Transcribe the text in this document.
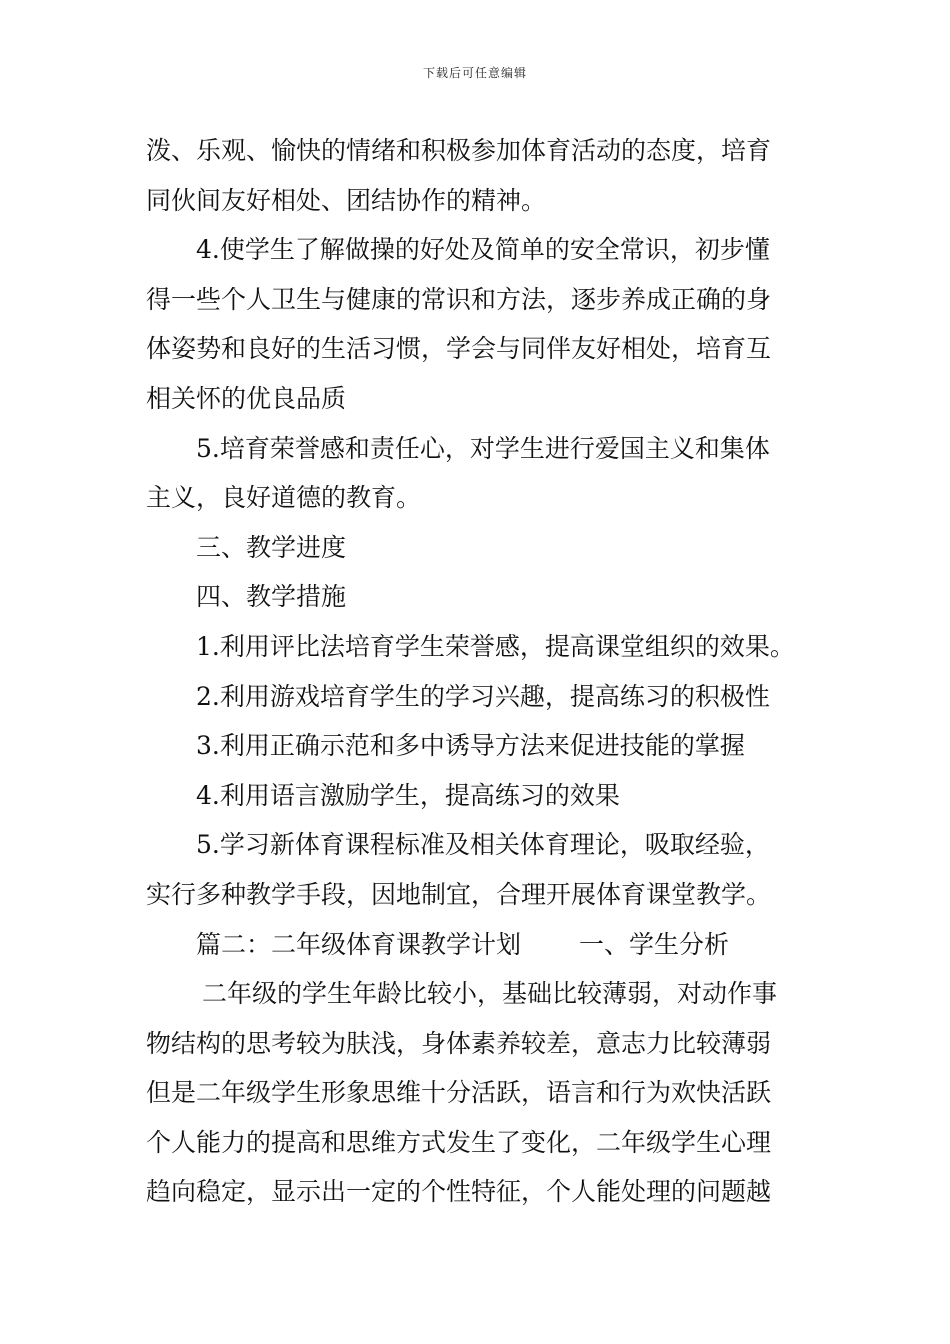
下载后可任意编辑
泼、乐观、愉快的情绪和积极参加体育活动的态度，培育
同伙间友好相处、团结协作的精神。
4.使学生了解做操的好处及简单的安全常识，初步懂
得一些个人卫生与健康的常识和方法，逐步养成正确的身
体姿势和良好的生活习惯，学会与同伴友好相处，培育互
相关怀的优良品质
5.培育荣誉感和责任心，对学生进行爱国主义和集体
主义，良好道德的教育。
三、教学进度
四、教学措施
1.利用评比法培育学生荣誉感，提高课堂组织的效果。
2.利用游戏培育学生的学习兴趣，提高练习的积极性
3.利用正确示范和多中诱导方法来促进技能的掌握
4.利用语言激励学生，提高练习的效果
5.学习新体育课程标准及相关体育理论，吸取经验，
实行多种教学手段，因地制宜，合理开展体育课堂教学。
篇二：二年级体育课教学计划 一、学生分析
二年级的学生年龄比较小，基础比较薄弱，对动作事
物结构的思考较为肤浅，身体素养较差，意志力比较薄弱
但是二年级学生形象思维十分活跃，语言和行为欢快活跃
个人能力的提高和思维方式发生了变化，二年级学生心理
趋向稳定，显示出一定的个性特征，个人能处理的问题越
